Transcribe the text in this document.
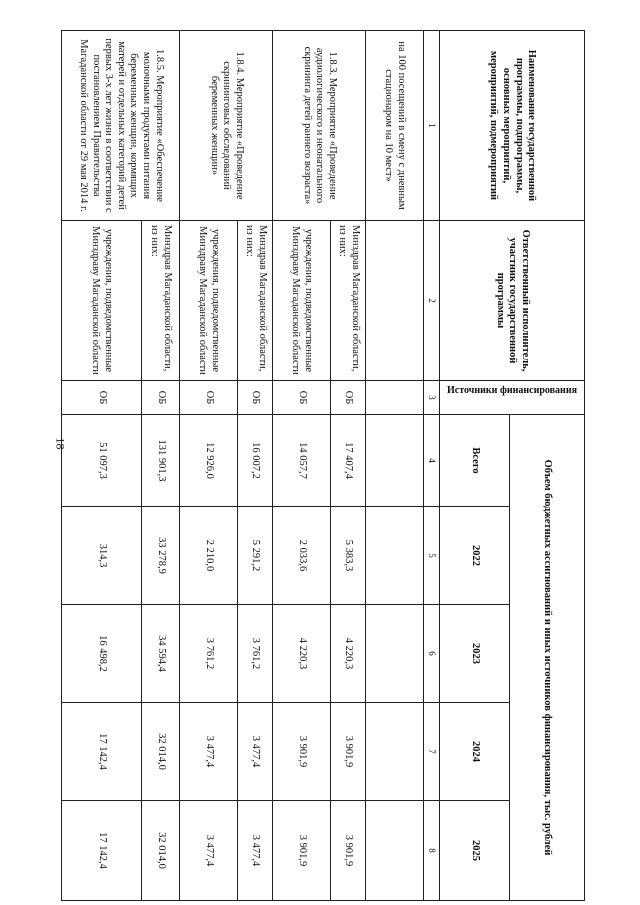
18
Наименование государственной программы, подпрограммы, основных мероприятий, мероприятий, подмероприятий	Ответственный исполнитель, участник государственной программы	Источники финансирования	Объем бюджетных ассигнований и иных источников финансирования, тыс. рублей				
			Всего	2022	2023	2024	2025
1	2	3	4	5	6	7	8
на 100 посещений в смену с дневным стационаром на 10 мест»							
1.8.3. Мероприятие «Проведение аудиологического и неонатального скрининга детей раннего возраста»	Минздрав Магаданской области, из них:	ОБ	17 407,4	5 383,3	4 220,3	3 901,9	3 901,9
	учреждения, подведомственные Минздраву Магаданской области	ОБ	14 057,7	2 033,6	4 220,3	3 901,9	3 901,9
1.8.4. Мероприятие «Проведение скрининговых обследований беременных женщин»	Минздрав Магаданской области, из них:	ОБ	16 007,2	5 291,2	3 761,2	3 477,4	3 477,4
	учреждения, подведомственные Минздраву Магаданской области	ОБ	12 926,0	2 210,0	3 761,2	3 477,4	3 477,4
1.8.5. Мероприятие «Обеспечение молочными продуктами питания беременных женщин, кормящих матерей и отдельных категорий детей первых 3-х лет жизни в соответствии с постановлением Правительства Магаданской области от 29 мая 2014 г.	Минздрав Магаданской области, из них:	ОБ	131 901,3	33 278,9	34 594,4	32 014,0	32 014,0
	учреждения, подведомственные Минздраву Магаданской области	ОБ	51 097,3	314,3	16 498,2	17 142,4	17 142,4
